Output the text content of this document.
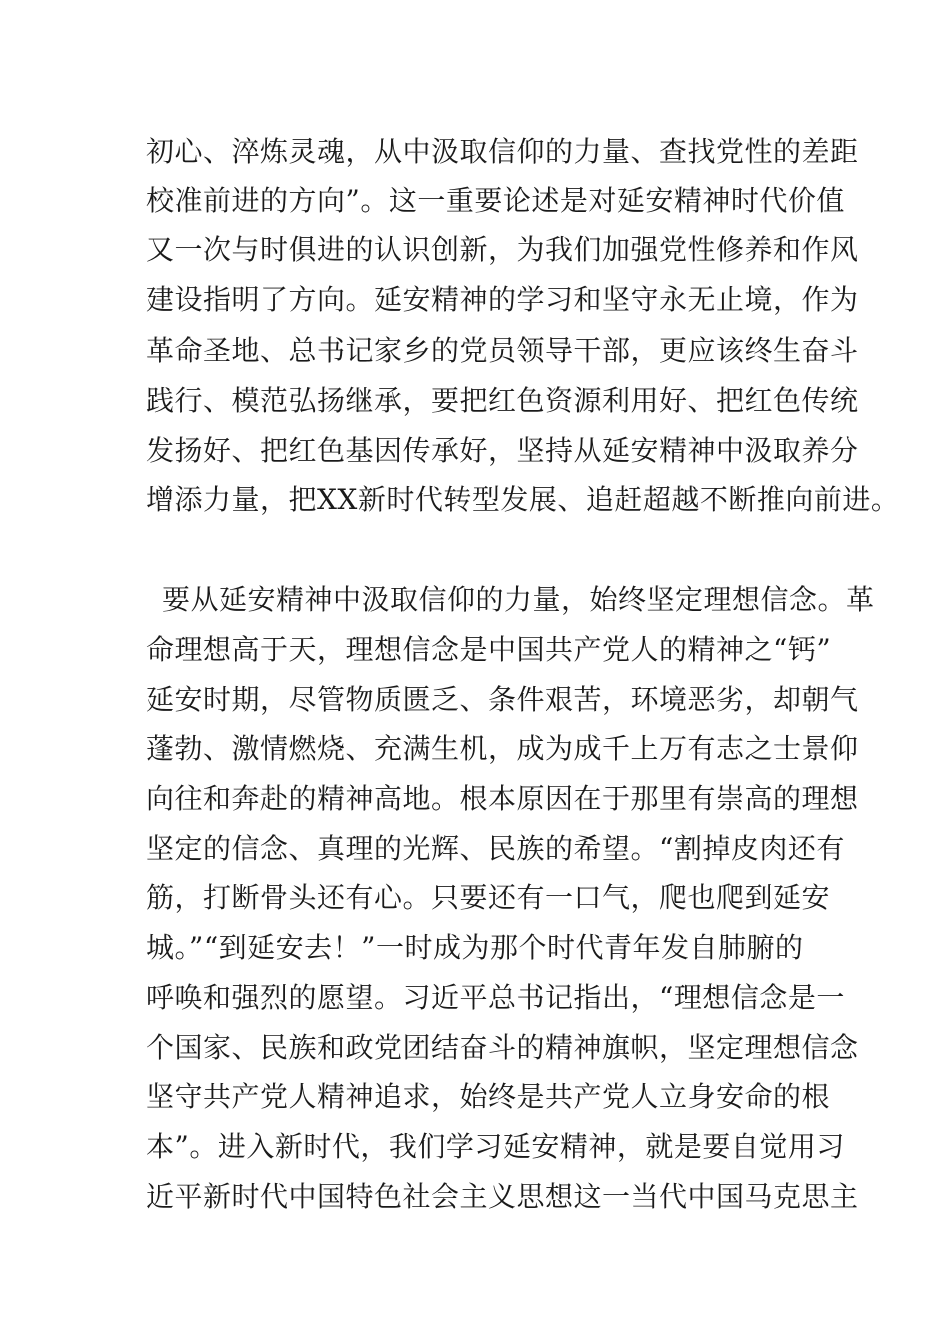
初心、淬炼灵魂，从中汲取信仰的力量、查找党性的差距
校准前进的方向”。这一重要论述是对延安精神时代价值
又一次与时俱进的认识创新，为我们加强党性修养和作风
建设指明了方向。延安精神的学习和坚守永无止境，作为
革命圣地、总书记家乡的党员领导干部，更应该终生奋斗
践行、模范弘扬继承，要把红色资源利用好、把红色传统
发扬好、把红色基因传承好，坚持从延安精神中汲取养分
增添力量，把XX新时代转型发展、追赶超越不断推向前进。
要从延安精神中汲取信仰的力量，始终坚定理想信念。革
命理想高于天，理想信念是中国共产党人的精神之“钙”
延安时期，尽管物质匮乏、条件艰苦，环境恶劣，却朝气
蓬勃、激情燃烧、充满生机，成为成千上万有志之士景仰
向往和奔赴的精神高地。根本原因在于那里有崇高的理想
坚定的信念、真理的光辉、民族的希望。“割掉皮肉还有
筋，打断骨头还有心。只要还有一口气，爬也爬到延安
城。”“到延安去！”一时成为那个时代青年发自肺腑的
呼唤和强烈的愿望。习近平总书记指出，“理想信念是一
个国家、民族和政党团结奋斗的精神旗帜，坚定理想信念
坚守共产党人精神追求，始终是共产党人立身安命的根
本”。进入新时代，我们学习延安精神，就是要自觉用习
近平新时代中国特色社会主义思想这一当代中国马克思主
